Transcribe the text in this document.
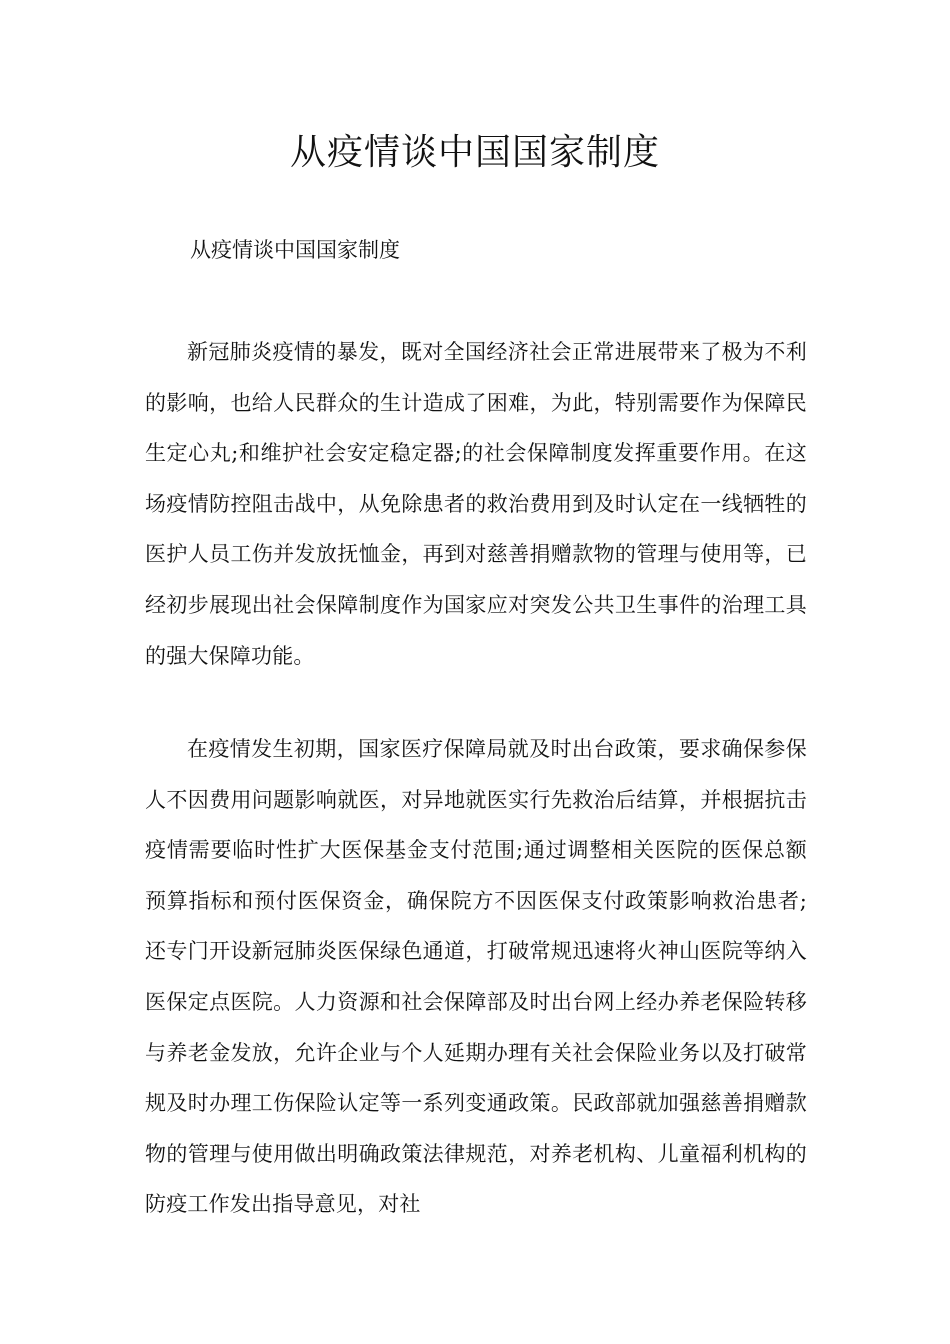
从疫情谈中国国家制度

从疫情谈中国国家制度

新冠肺炎疫情的暴发，既对全国经济社会正常进展带来了极为不利的影响，也给人民群众的生计造成了困难，为此，特别需要作为保障民生定心丸;和维护社会安定稳定器;的社会保障制度发挥重要作用。在这场疫情防控阻击战中，从免除患者的救治费用到及时认定在一线牺牲的医护人员工伤并发放抚恤金，再到对慈善捐赠款物的管理与使用等，已经初步展现出社会保障制度作为国家应对突发公共卫生事件的治理工具的强大保障功能。

在疫情发生初期，国家医疗保障局就及时出台政策，要求确保参保人不因费用问题影响就医，对异地就医实行先救治后结算，并根据抗击疫情需要临时性扩大医保基金支付范围;通过调整相关医院的医保总额预算指标和预付医保资金，确保院方不因医保支付政策影响救治患者;还专门开设新冠肺炎医保绿色通道，打破常规迅速将火神山医院等纳入医保定点医院。人力资源和社会保障部及时出台网上经办养老保险转移与养老金发放，允许企业与个人延期办理有关社会保险业务以及打破常规及时办理工伤保险认定等一系列变通政策。民政部就加强慈善捐赠款物的管理与使用做出明确政策法律规范，对养老机构、儿童福利机构的防疫工作发出指导意见，对社
